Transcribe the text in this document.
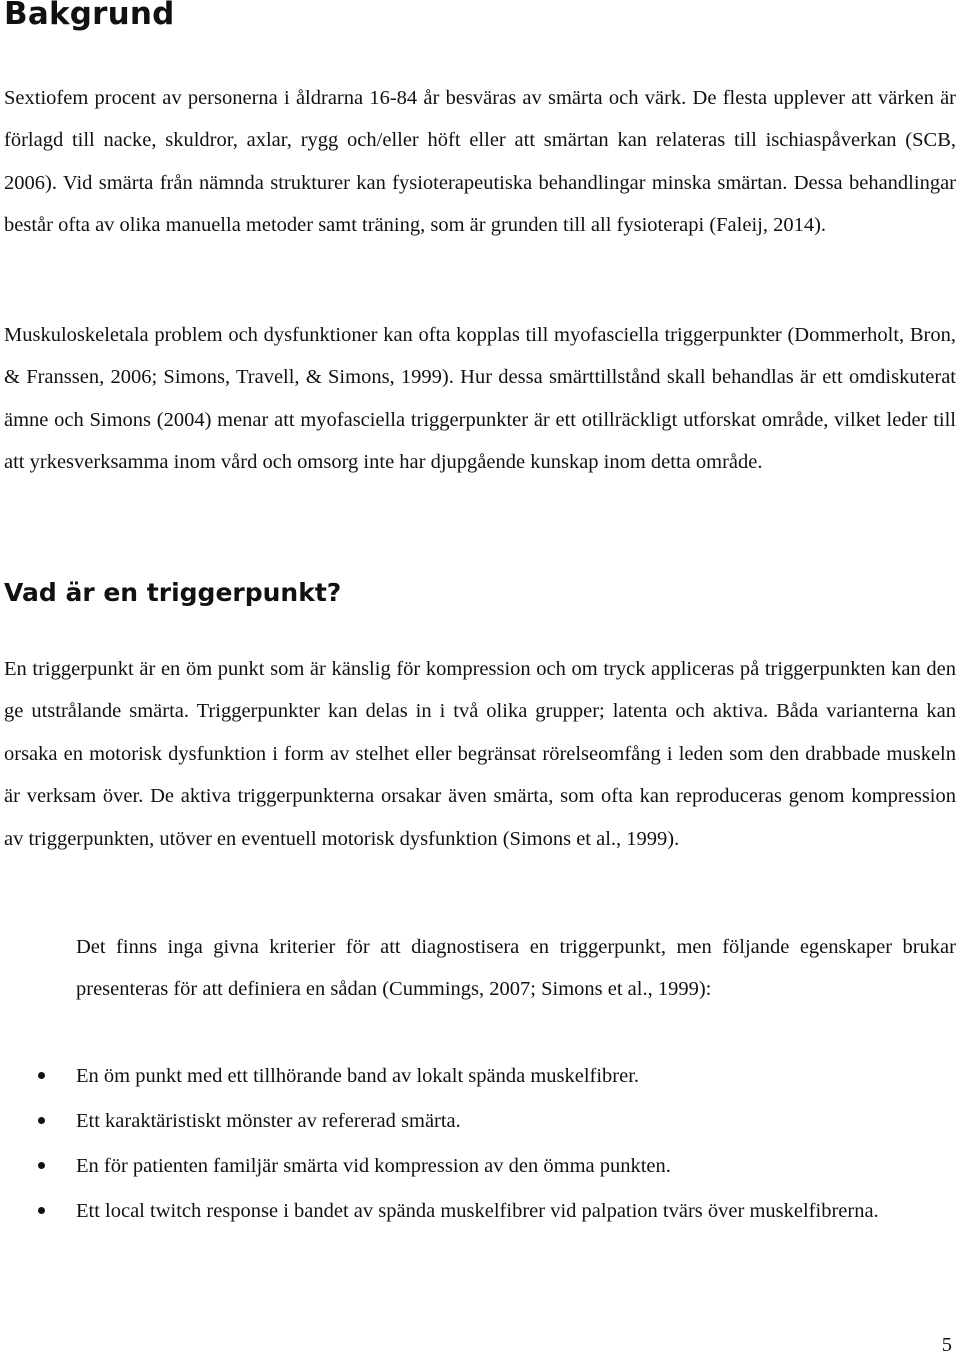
Bakgrund

Sextiofem procent av personerna i åldrarna 16-84 år besväras av smärta och värk. De flesta upplever att värken är förlagd till nacke, skuldror, axlar, rygg och/eller höft eller att smärtan kan relateras till ischiaspåverkan (SCB, 2006). Vid smärta från nämnda strukturer kan fysioterapeutiska behandlingar minska smärtan. Dessa behandlingar består ofta av olika manuella metoder samt träning, som är grunden till all fysioterapi (Faleij, 2014).

Muskuloskeletala problem och dysfunktioner kan ofta kopplas till myofasciella triggerpunkter (Dommerholt, Bron, & Franssen, 2006; Simons, Travell, & Simons, 1999). Hur dessa smärttillstånd skall behandlas är ett omdiskuterat ämne och Simons (2004) menar att myofasciella triggerpunkter är ett otillräckligt utforskat område, vilket leder till att yrkesverksamma inom vård och omsorg inte har djupgående kunskap inom detta område.

Vad är en triggerpunkt?

En triggerpunkt är en öm punkt som är känslig för kompression och om tryck appliceras på triggerpunkten kan den ge utstrålande smärta. Triggerpunkter kan delas in i två olika grupper; latenta och aktiva. Båda varianterna kan orsaka en motorisk dysfunktion i form av stelhet eller begränsat rörelseomfång i leden som den drabbade muskeln är verksam över. De aktiva triggerpunkterna orsakar även smärta, som ofta kan reproduceras genom kompression av triggerpunkten, utöver en eventuell motorisk dysfunktion (Simons et al., 1999).

Det finns inga givna kriterier för att diagnostisera en triggerpunkt, men följande egenskaper brukar presenteras för att definiera en sådan (Cummings, 2007; Simons et al., 1999):

En öm punkt med ett tillhörande band av lokalt spända muskelfibrer.
Ett karaktäristiskt mönster av refererad smärta.
En för patienten familjär smärta vid kompression av den ömma punkten.
Ett local twitch response i bandet av spända muskelfibrer vid palpation tvärs över muskelfibrerna.
5
